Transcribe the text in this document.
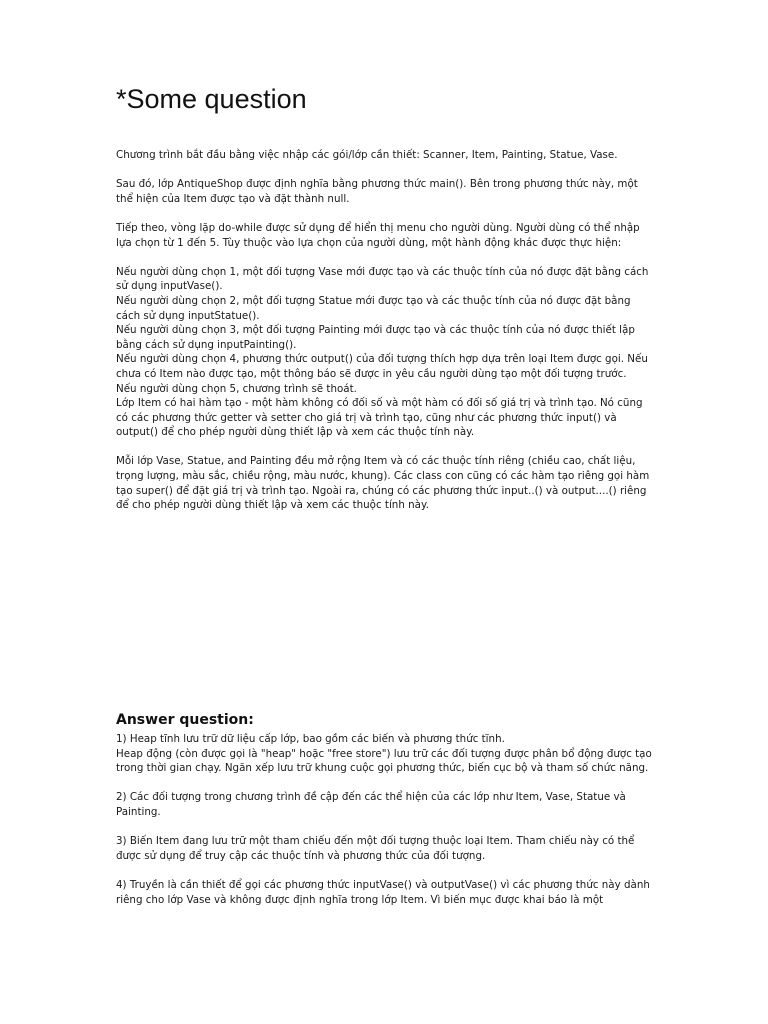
*Some question

Chương trình bắt đầu bằng việc nhập các gói/lớp cần thiết: Scanner, Item, Painting, Statue, Vase.

Sau đó, lớp AntiqueShop được định nghĩa bằng phương thức main(). Bên trong phương thức này, một thể hiện của Item được tạo và đặt thành null.

Tiếp theo, vòng lặp do-while được sử dụng để hiển thị menu cho người dùng. Người dùng có thể nhập lựa chọn từ 1 đến 5. Tùy thuộc vào lựa chọn của người dùng, một hành động khác được thực hiện:

Nếu người dùng chọn 1, một đối tượng Vase mới được tạo và các thuộc tính của nó được đặt bằng cách sử dụng inputVase().

Nếu người dùng chọn 2, một đối tượng Statue mới được tạo và các thuộc tính của nó được đặt bằng cách sử dụng inputStatue().

Nếu người dùng chọn 3, một đối tượng Painting mới được tạo và các thuộc tính của nó được thiết lập bằng cách sử dụng inputPainting().

Nếu người dùng chọn 4, phương thức output() của đối tượng thích hợp dựa trên loại Item được gọi. Nếu chưa có Item nào được tạo, một thông báo sẽ được in yêu cầu người dùng tạo một đối tượng trước.

Nếu người dùng chọn 5, chương trình sẽ thoát.

Lớp Item có hai hàm tạo - một hàm không có đối số và một hàm có đối số giá trị và trình tạo. Nó cũng có các phương thức getter và setter cho giá trị và trình tạo, cũng như các phương thức input() và output() để cho phép người dùng thiết lập và xem các thuộc tính này.

Mỗi lớp Vase, Statue, and Painting đều mở rộng Item và có các thuộc tính riêng (chiều cao, chất liệu, trọng lượng, màu sắc, chiều rộng, màu nước, khung). Các class con cũng có các hàm tạo riêng gọi hàm tạo super() để đặt giá trị và trình tạo. Ngoài ra, chúng có các phương thức input..() và output....() riêng để cho phép người dùng thiết lập và xem các thuộc tính này.

Answer question:

1) Heap tĩnh lưu trữ dữ liệu cấp lớp, bao gồm các biến và phương thức tĩnh.

Heap động (còn được gọi là "heap" hoặc "free store") lưu trữ các đối tượng được phân bổ động được tạo trong thời gian chạy. Ngăn xếp lưu trữ khung cuộc gọi phương thức, biến cục bộ và tham số chức năng.

2) Các đối tượng trong chương trình đề cập đến các thể hiện của các lớp như Item, Vase, Statue và Painting.

3) Biến Item đang lưu trữ một tham chiếu đến một đối tượng thuộc loại Item. Tham chiếu này có thể được sử dụng để truy cập các thuộc tính và phương thức của đối tượng.

4) Truyền là cần thiết để gọi các phương thức inputVase() và outputVase() vì các phương thức này dành riêng cho lớp Vase và không được định nghĩa trong lớp Item. Vì biến mục được khai báo là một
